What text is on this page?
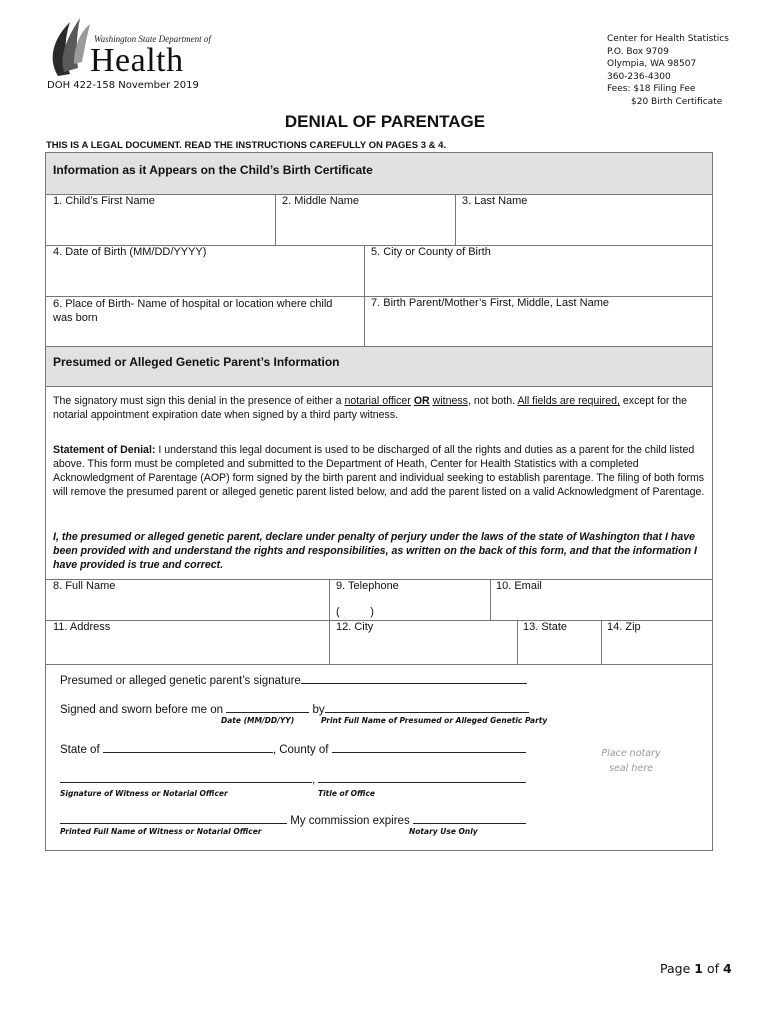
Washington State Department of
Health
DOH 422-158 November 2019
Center for Health Statistics
P.O. Box 9709
Olympia, WA 98507
360-236-4300
Fees: $18 Filing Fee
$20 Birth Certificate
DENIAL OF PARENTAGE
THIS IS A LEGAL DOCUMENT. READ THE INSTRUCTIONS CAREFULLY ON PAGES 3 & 4.
Information as it Appears on the Child’s Birth Certificate
1. Child’s First Name	2. Middle Name	3. Last Name
4. Date of Birth (MM/DD/YYYY)	5. City or County of Birth
6. Place of Birth- Name of hospital or location where child was born
7. Birth Parent/Mother’s First, Middle, Last Name
Presumed or Alleged Genetic Parent’s Information
The signatory must sign this denial in the presence of either a notarial officer OR witness, not both. All fields are required, except for the notarial appointment expiration date when signed by a third party witness.
Statement of Denial: I understand this legal document is used to be discharged of all the rights and duties as a parent for the child listed above. This form must be completed and submitted to the Department of Heath, Center for Health Statistics with a completed Acknowledgment of Parentage (AOP) form signed by the birth parent and individual seeking to establish parentage. The filing of both forms will remove the presumed parent or alleged genetic parent listed below, and add the parent listed on a valid Acknowledgment of Parentage.
I, the presumed or alleged genetic parent, declare under penalty of perjury under the laws of the state of Washington that I have been provided with and understand the rights and responsibilities, as written on the back of this form, and that the information I have provided is true and correct.
8. Full Name	9. Telephone
(          )
10. Email
11. Address	12. City	13. State	14. Zip
Presumed or alleged genetic parent’s signature
Signed and sworn before me on	by
Date (MM/DD/YY)	Print Full Name of Presumed or Alleged Genetic Party
State of	, County of	Place notary
seal here
,
Signature of Witness or Notarial Officer	Title of Office
My commission expires
Printed Full Name of Witness or Notarial Officer	Notary Use Only
Page 1 of 4
